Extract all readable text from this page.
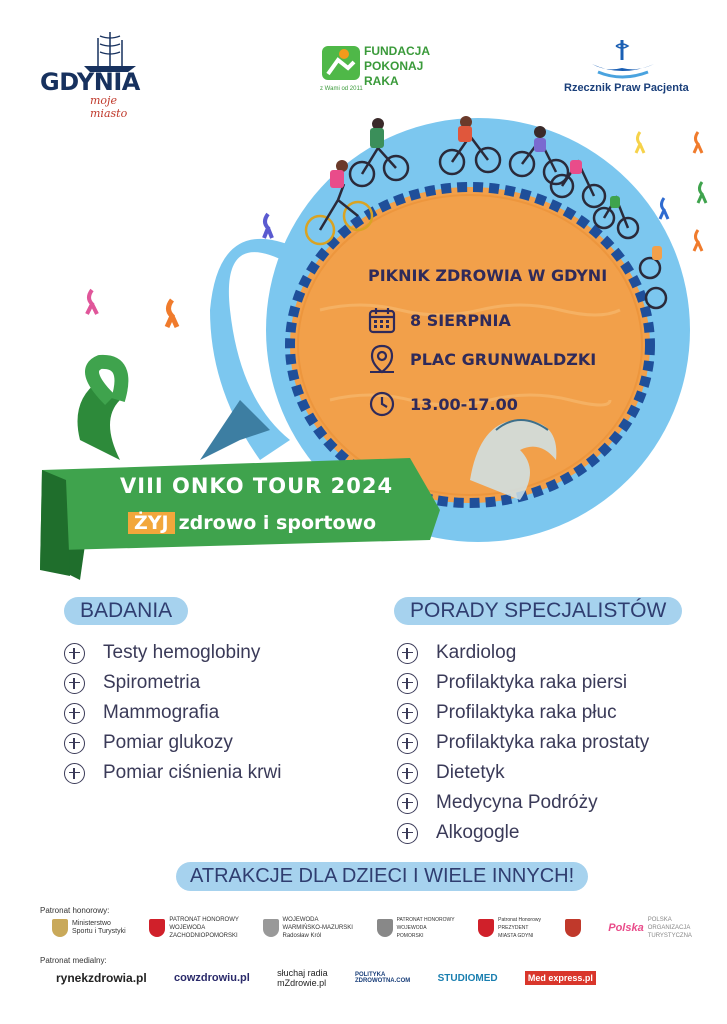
GDYNIA
moje miasto
FUNDACJA
POKONAJ
RAKA
z Wami od 2011	Rzecznik Praw Pacjenta
PIKNIK ZDROWIA W GDYNI
8 SIERPNIA
PLAC GRUNWALDZKI
13.00-17.00
VIII ONKO TOUR 2024
ŻYJ zdrowo i sportowo
BADANIA
Testy hemoglobiny
Spirometria
Mammografia
Pomiar glukozy
Pomiar ciśnienia krwi
PORADY SPECJALISTÓW
Kardiolog
Profilaktyka raka piersi
Profilaktyka raka płuc
Profilaktyka raka prostaty
Dietetyk
Medycyna Podróży
Alkogogle
ATRAKCJE DLA DZIECI I WIELE INNYCH!
Patronat honorowy:
Ministerstwo
Sportu i Turystyki
PATRONAT HONOROWY
WOJEWODA
ZACHODNIOPOMORSKI
WOJEWODA
WARMIŃSKO-MAZURSKI
Radosław Król
PATRONAT HONOROWY
WOJEWODA
POMORSKI
Patronat Honorowy
PREZYDENT
MIASTA GDYNI
Polska
POLSKA
ORGANIZACJA
TURYSTYCZNA
Patronat medialny:
rynekzdrowia.pl cowzdrowiu.pl	słuchaj radia
mZdrowie.pl
POLITYKA
ZDROWOTNA.COM	STUDIOMED	Med express.pl
